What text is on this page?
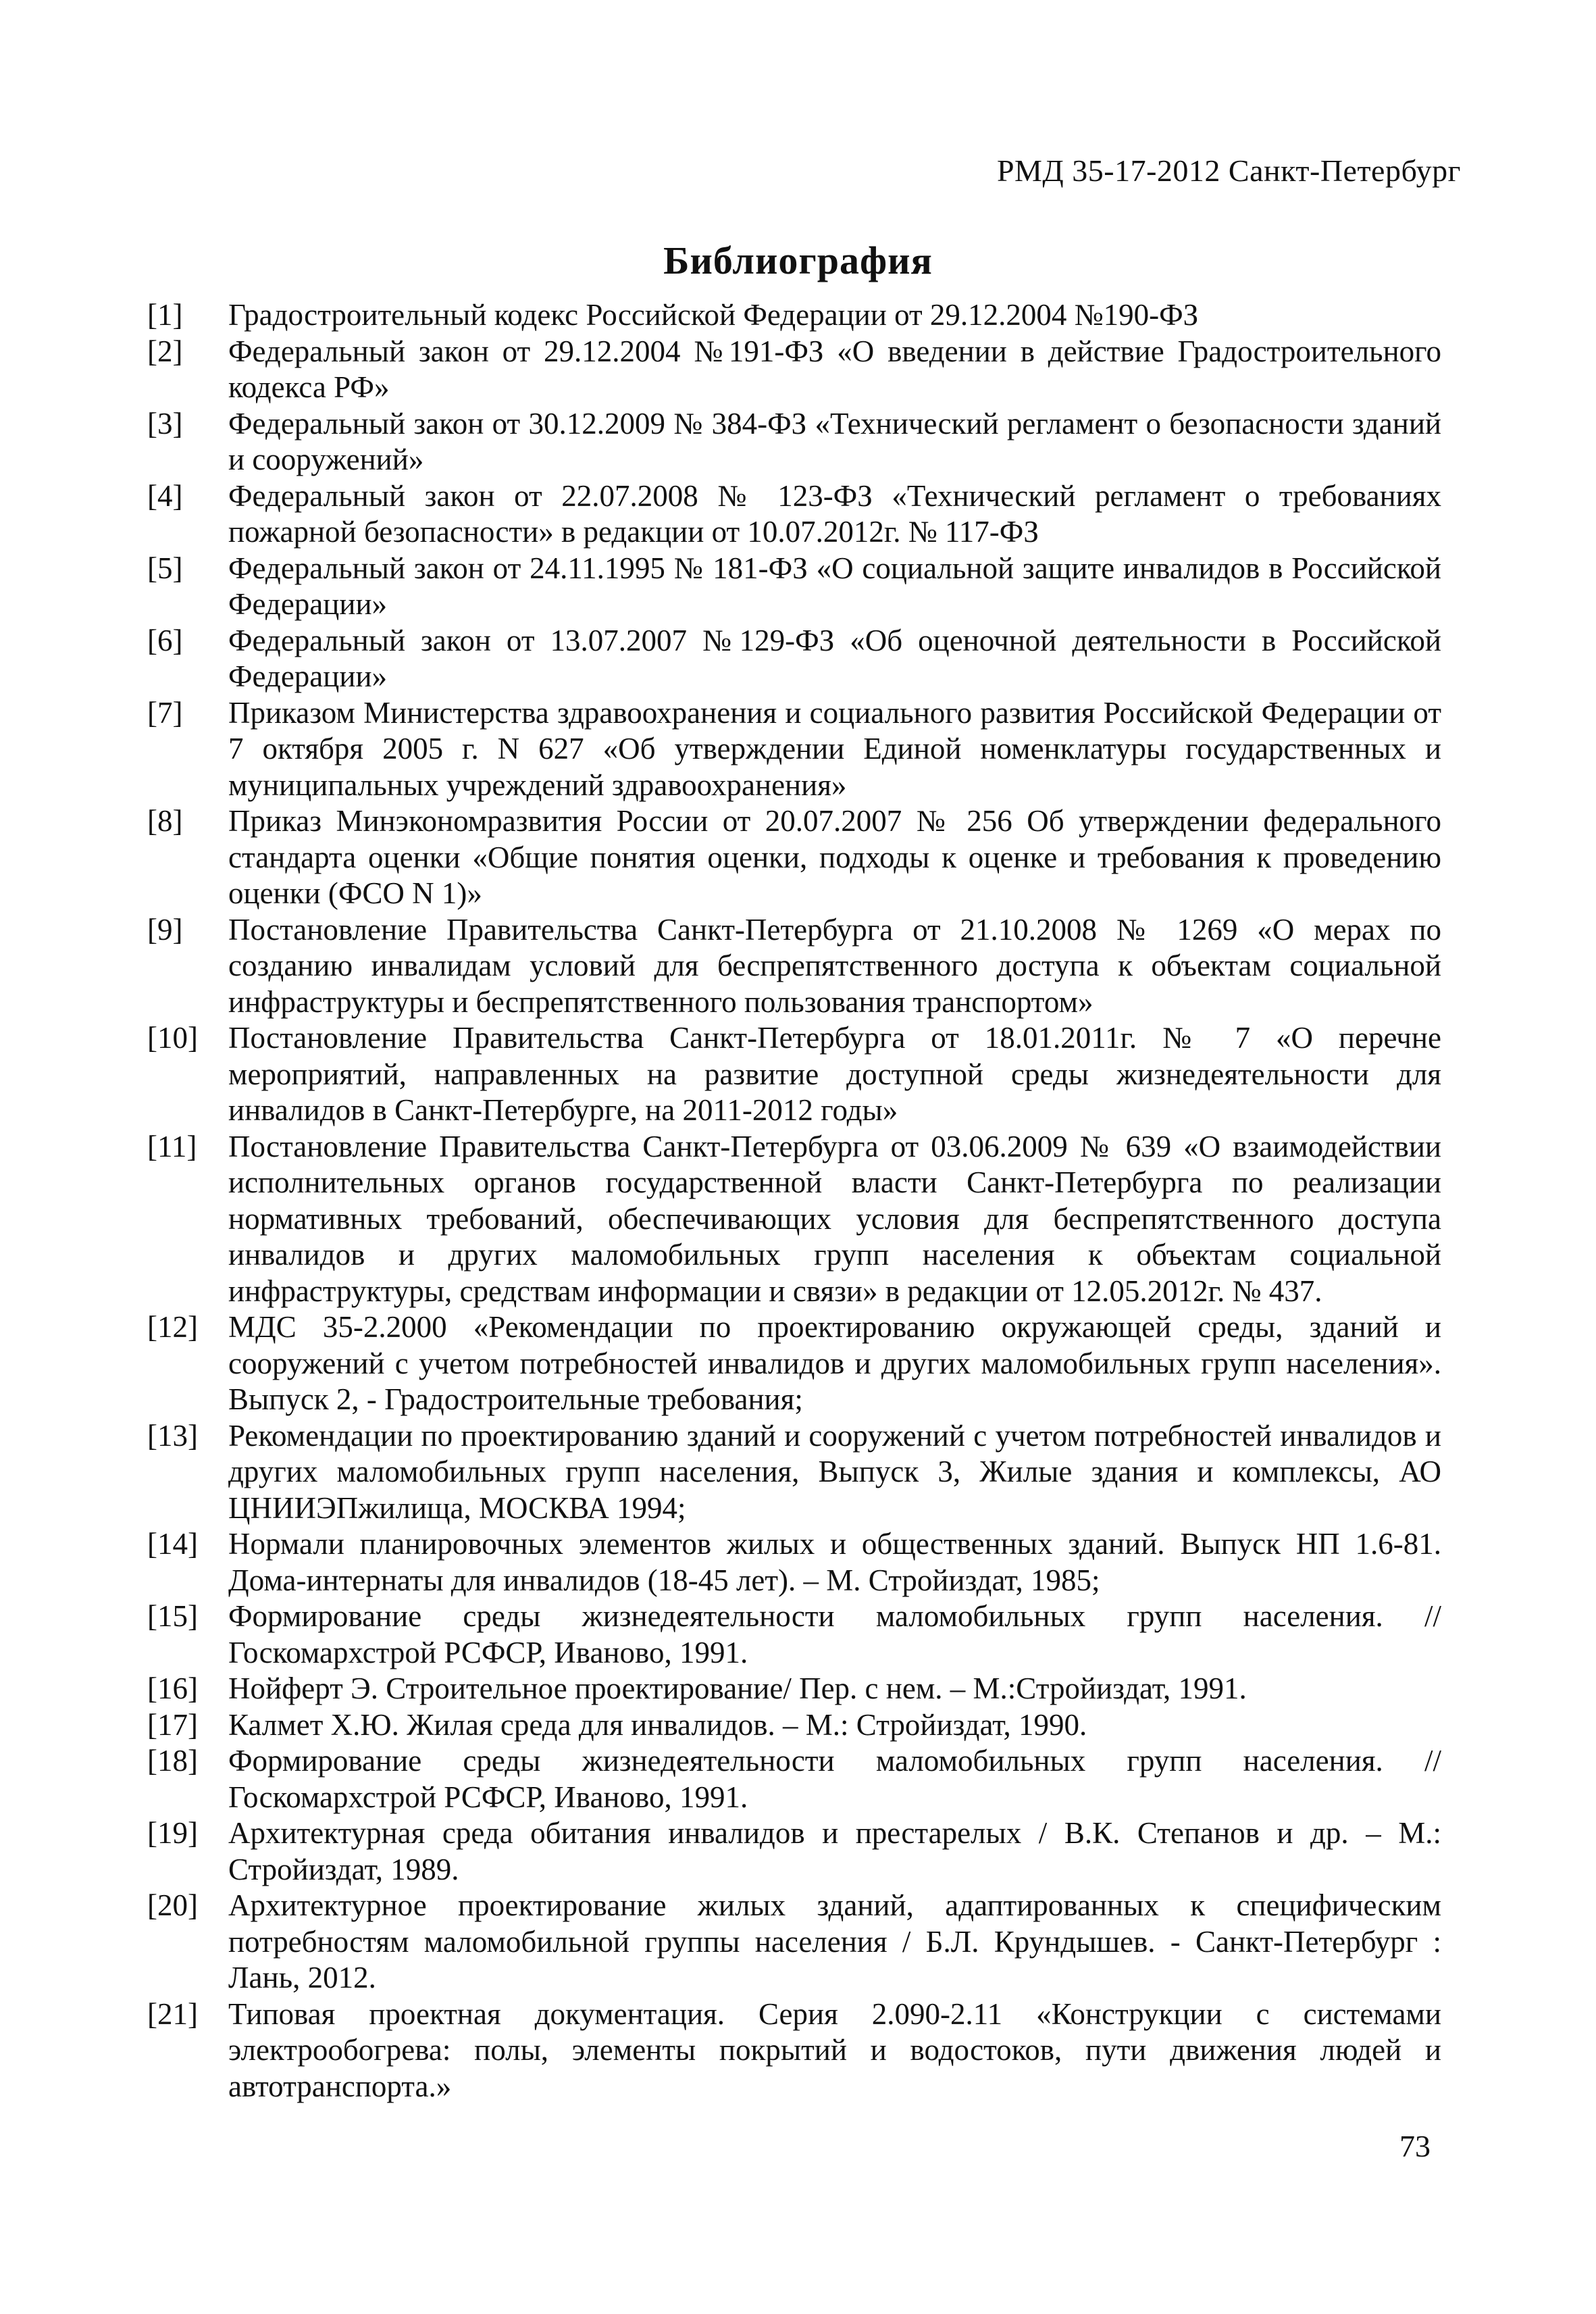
РМД 35-17-2012 Санкт-Петербург
Библиография
[1]	Градостроительный кодекс Российской Федерации от 29.12.2004 №190-ФЗ
[2]	Федеральный закон от 29.12.2004 №191-ФЗ «О введении в действие Градостроительного кодекса РФ»
[3]	Федеральный закон от 30.12.2009 № 384-ФЗ «Технический регламент о безопасности зданий и сооружений»
[4]	Федеральный закон от 22.07.2008 № 123-ФЗ «Технический регламент о требованиях пожарной безопасности» в редакции от 10.07.2012г. № 117-ФЗ
[5]	Федеральный закон от 24.11.1995 № 181-ФЗ «О социальной защите инвалидов в Российской Федерации»
[6]	Федеральный закон от 13.07.2007 №129-ФЗ «Об оценочной деятельности в Российской Федерации»
[7]	Приказом Министерства здравоохранения и социального развития Российской Федерации от 7 октября 2005 г. N 627 «Об утверждении Единой номенклатуры государственных и муниципальных учреждений здравоохранения»
[8]	Приказ Минэкономразвития России от 20.07.2007 № 256 Об утверждении федерального стандарта оценки «Общие понятия оценки, подходы к оценке и требования к проведению оценки (ФСО N 1)»
[9]	Постановление Правительства Санкт-Петербурга от 21.10.2008 № 1269 «О мерах по созданию инвалидам условий для беспрепятственного доступа к объектам социальной инфраструктуры и беспрепятственного пользования транспортом»
[10]	Постановление Правительства Санкт-Петербурга от 18.01.2011г. № 7 «О перечне мероприятий, направленных на развитие доступной среды жизнедеятельности для инвалидов в Санкт-Петербурге, на 2011-2012 годы»
[11]	Постановление Правительства Санкт-Петербурга от 03.06.2009 № 639 «О взаимодействии исполнительных органов государственной власти Санкт-Петербурга по реализации нормативных требований, обеспечивающих условия для беспрепятственного доступа инвалидов и других маломобильных групп населения к объектам социальной инфраструктуры, средствам информации и связи» в редакции от 12.05.2012г. № 437.
[12]	МДС 35-2.2000 «Рекомендации по проектированию окружающей среды, зданий и сооружений с учетом потребностей инвалидов и других маломобильных групп населения». Выпуск 2, - Градостроительные требования;
[13]	Рекомендации по проектированию зданий и сооружений с учетом потребностей инвалидов и других маломобильных групп населения, Выпуск 3, Жилые здания и комплексы, АО ЦНИИЭПжилища, МОСКВА 1994;
[14]	Нормали планировочных элементов жилых и общественных зданий. Выпуск НП 1.6-81. Дома-интернаты для инвалидов (18-45 лет). – М. Стройиздат, 1985;
[15]	Формирование среды жизнедеятельности маломобильных групп населения. //Госкомархстрой РСФСР, Иваново, 1991.
[16]	Нойферт Э. Строительное проектирование/ Пер. с нем. – М.:Стройиздат, 1991.
[17]	Калмет Х.Ю. Жилая среда для инвалидов. – М.: Стройиздат, 1990.
[18]	Формирование среды жизнедеятельности маломобильных групп населения. //Госкомархстрой РСФСР, Иваново, 1991.
[19]	Архитектурная среда обитания инвалидов и престарелых / В.К. Степанов и др. – М.: Стройиздат, 1989.
[20]	Архитектурное проектирование жилых зданий, адаптированных к специфическим потребностям маломобильной группы населения / Б.Л. Крундышев. - Санкт-Петербург : Лань, 2012.
[21]	Типовая проектная документация. Серия 2.090-2.11 «Конструкции с системами электрообогрева: полы, элементы покрытий и водостоков, пути движения людей и автотранспорта.»
73
